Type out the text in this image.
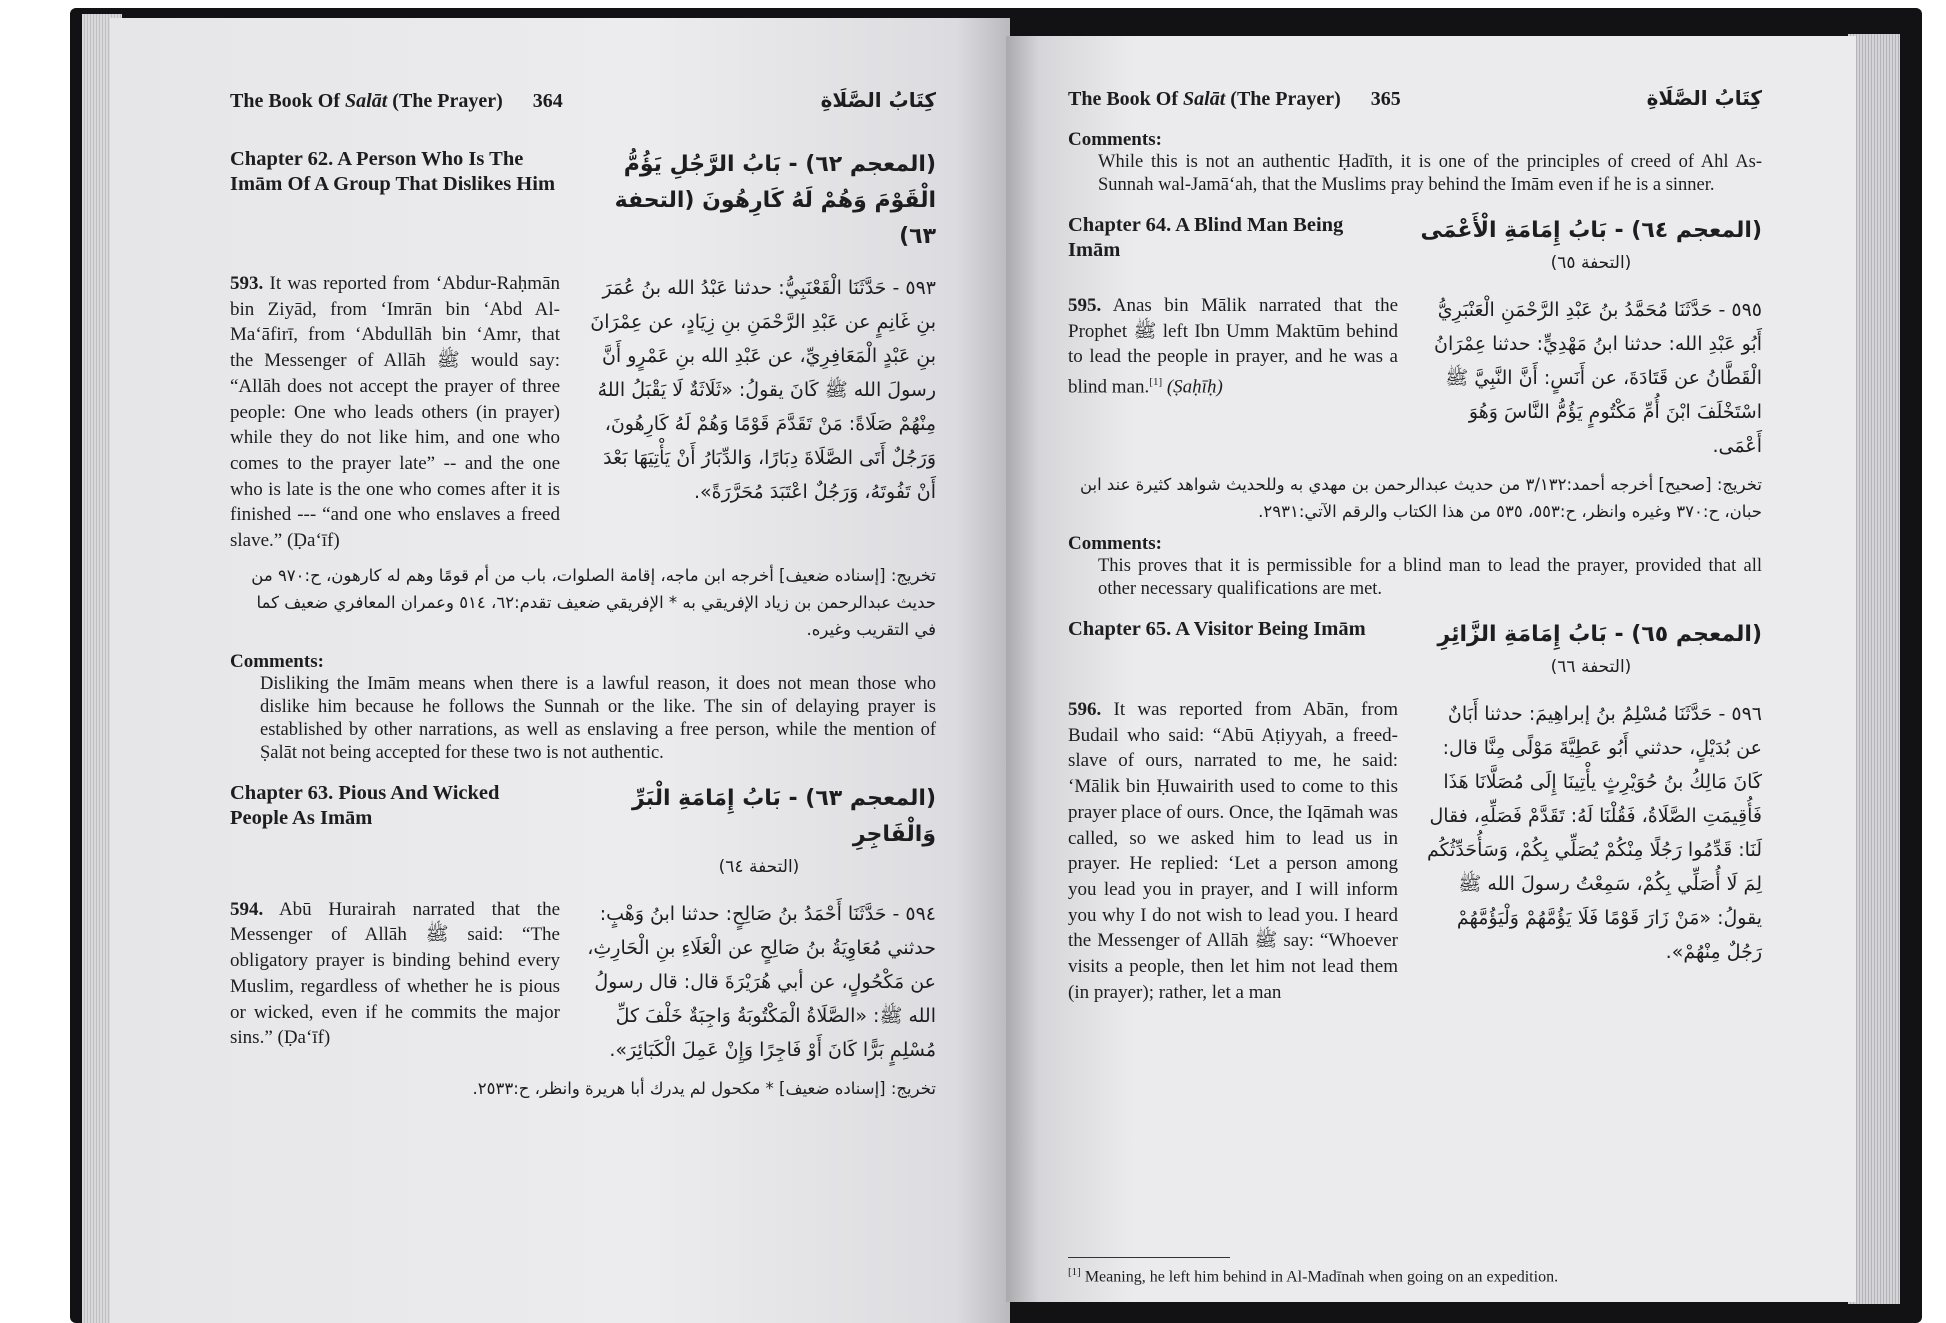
The Book Of Salāt (The Prayer) 364	كِتَابُ الصَّلَاةِ
Chapter 62. A Person Who Is The Imām Of A Group That Dislikes Him
(المعجم ٦٢) - بَابُ الرَّجُلِ يَؤُمُّ الْقَوْمَ وَهُمْ لَهُ كَارِهُونَ (التحفة ٦٣)
593. It was reported from ‘Abdur-Raḥmān bin Ziyād, from ‘Imrān bin ‘Abd Al-Ma‘āfirī, from ‘Abdullāh bin ‘Amr, that the Messenger of Allāh ﷺ would say: “Allāh does not accept the prayer of three people: One who leads others (in prayer) while they do not like him, and one who comes to the prayer late” -- and the one who is late is the one who comes after it is finished --- “and one who enslaves a freed slave.” (Ḍa‘īf)
٥٩٣ - حَدَّثَنَا الْقَعْنَبِيُّ: حدثنا عَبْدُ الله بنُ عُمَرَ بنِ غَانِمٍ عن عَبْدِ الرَّحْمَنِ بنِ زِيَادٍ، عن عِمْرَانَ بنِ عَبْدٍ الْمَعَافِرِيِّ، عن عَبْدِ الله بنِ عَمْرٍو أَنَّ رسولَ الله ﷺ كَانَ يقولُ: «ثَلَاثَةٌ لَا يَقْبَلُ اللهُ مِنْهُمْ صَلَاةً: مَنْ تَقَدَّمَ قَوْمًا وَهُمْ لَهُ كَارِهُونَ، وَرَجُلٌ أَتَى الصَّلَاةَ دِبَارًا، وَالدِّبَارُ أَنْ يَأْتِيَهَا بَعْدَ أَنْ تَفُوتَهُ، وَرَجُلٌ اعْتَبَدَ مُحَرَّرَةً».
تخريج: [إسناده ضعيف] أخرجه ابن ماجه، إقامة الصلوات، باب من أم قومًا وهم له كارهون، ح:٩٧٠ من حديث عبدالرحمن بن زياد الإفريقي به * الإفريقي ضعيف تقدم:٦٢، ٥١٤ وعمران المعافري ضعيف كما في التقريب وغيره.
Comments:
Disliking the Imām means when there is a lawful reason, it does not mean those who dislike him because he follows the Sunnah or the like. The sin of delaying prayer is established by other narrations, as well as enslaving a free person, while the mention of Ṣalāt not being accepted for these two is not authentic.
Chapter 63. Pious And Wicked People As Imām
(المعجم ٦٣) - بَابُ إِمَامَةِ الْبَرِّ وَالْفَاجِرِ
(التحفة ٦٤)
594. Abū Hurairah narrated that the Messenger of Allāh ﷺ said: “The obligatory prayer is binding behind every Muslim, regardless of whether he is pious or wicked, even if he commits the major sins.” (Ḍa‘īf)
٥٩٤ - حَدَّثَنَا أَحْمَدُ بنُ صَالِحٍ: حدثنا ابنُ وَهْبٍ: حدثني مُعَاوِيَةُ بنُ صَالِحٍ عن الْعَلَاءِ بنِ الْحَارِثِ، عن مَكْحُولٍ، عن أبي هُرَيْرَةَ قال: قال رسولُ الله ﷺ: «الصَّلَاةُ الْمَكْتُوبَةُ وَاجِبَةٌ خَلْفَ كلِّ مُسْلِمٍ بَرًّا كَانَ أَوْ فَاجِرًا وَإِنْ عَمِلَ الْكَبَائِرَ».
تخريج: [إسناده ضعيف] * مكحول لم يدرك أبا هريرة وانظر، ح:٢٥٣٣.
The Book Of Salāt (The Prayer) 365	كِتَابُ الصَّلَاةِ
Comments:
While this is not an authentic Ḥadīth, it is one of the principles of creed of Ahl As-Sunnah wal-Jamā‘ah, that the Muslims pray behind the Imām even if he is a sinner.
Chapter 64. A Blind Man Being Imām
(المعجم ٦٤) - بَابُ إِمَامَةِ الْأَعْمَى
(التحفة ٦٥)
595. Anas bin Mālik narrated that the Prophet ﷺ left Ibn Umm Maktūm behind to lead the people in prayer, and he was a blind man.[1] (Ṣaḥīḥ)
٥٩٥ - حَدَّثَنَا مُحَمَّدُ بنُ عَبْدِ الرَّحْمَنِ الْعَنْبَرِيُّ أَبُو عَبْدِ الله: حدثنا ابنُ مَهْدِيٍّ: حدثنا عِمْرَانُ الْقَطَّانُ عن قَتَادَةَ، عن أَنَسٍ: أَنَّ النَّبِيَّ ﷺ اسْتَخْلَفَ ابْنَ أُمِّ مَكْتُومٍ يَؤُمُّ النَّاسَ وَهُوَ أَعْمَى.
تخريج: [صحيح] أخرجه أحمد:٣/١٣٢ من حديث عبدالرحمن بن مهدي به وللحديث شواهد كثيرة عند ابن حبان، ح:٣٧٠ وغيره وانظر، ح:٥٥٣، ٥٣٥ من هذا الكتاب والرقم الآتي:٢٩٣١.
Comments:
This proves that it is permissible for a blind man to lead the prayer, provided that all other necessary qualifications are met.
Chapter 65. A Visitor Being Imām	(المعجم ٦٥) - بَابُ إِمَامَةِ الزَّائِرِ
(التحفة ٦٦)
596. It was reported from Abān, from Budail who said: “Abū Aṭiyyah, a freed-slave of ours, narrated to me, he said: ‘Mālik bin Ḥuwairith used to come to this prayer place of ours. Once, the Iqāmah was called, so we asked him to lead us in prayer. He replied: ‘Let a person among you lead you in prayer, and I will inform you why I do not wish to lead you. I heard the Messenger of Allāh ﷺ say: “Whoever visits a people, then let him not lead them (in prayer); rather, let a man
٥٩٦ - حَدَّثَنَا مُسْلِمُ بنُ إبراهِيمَ: حدثنا أَبَانٌ عن بُدَيْلٍ، حدثني أَبُو عَطِيَّةَ مَوْلًى مِنَّا قال: كَانَ مَالِكُ بنُ حُوَيْرِثٍ يأْتِينَا إِلَى مُصَلَّانَا هَذَا فَأُقِيمَتِ الصَّلَاةُ، فَقُلْنَا لَهُ: تَقَدَّمْ فَصَلِّهِ، فقال لَنَا: قَدِّمُوا رَجُلًا مِنْكُمْ يُصَلِّي بِكُمْ، وَسَأُحَدِّثُكُم لِمَ لَا أُصَلِّي بِكُمْ، سَمِعْتُ رسولَ الله ﷺ يقولُ: «مَنْ زَارَ قَوْمًا فَلَا يَؤُمَّهُمْ وَلْيَؤُمَّهُمْ رَجُلٌ مِنْهُمْ».
[1] Meaning, he left him behind in Al-Madīnah when going on an expedition.
